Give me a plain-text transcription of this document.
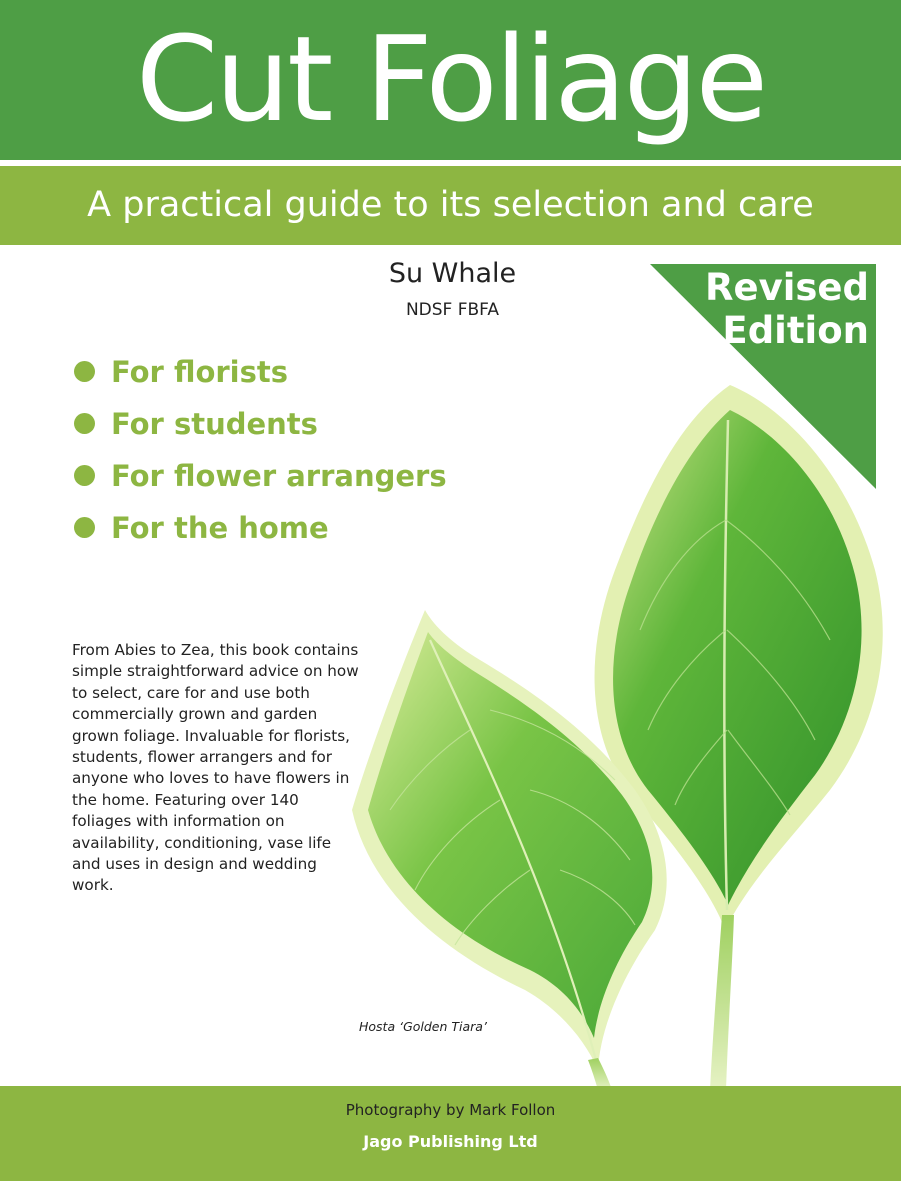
Cut Foliage
A practical guide to its selection and care
Su Whale
NDSF FBFA
Revised
Edition
For florists
For students
For flower arrangers
For the home
From Abies to Zea, this book contains simple straightforward advice on how to select, care for and use both commercially grown and garden grown foliage. Invaluable for florists, students, flower arrangers and for anyone who loves to have flowers in the home. Featuring over 140 foliages with information on availability, conditioning, vase life and uses in design and wedding work.
Hosta ‘Golden Tiara’
Photography by Mark Follon
Jago Publishing Ltd
